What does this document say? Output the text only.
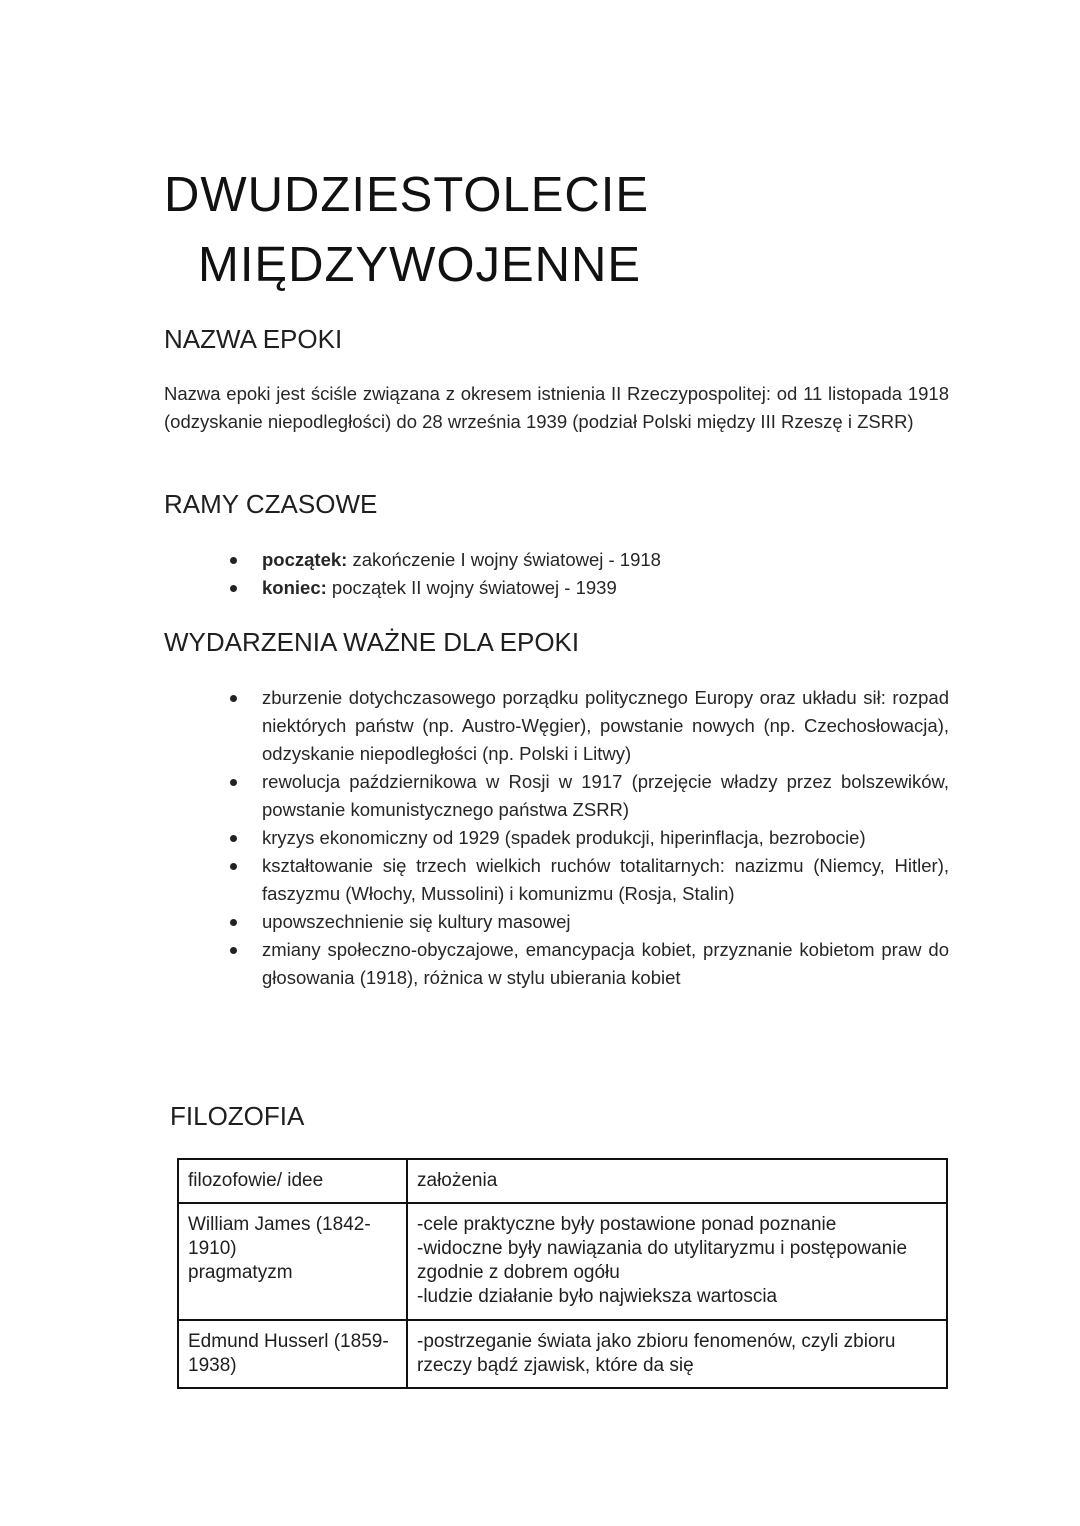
DWUDZIESTOLECIE
MIĘDZYWOJENNE
NAZWA EPOKI

Nazwa epoki jest ściśle związana z okresem istnienia II Rzeczypospolitej: od 11 listopada 1918 (odzyskanie niepodległości) do 28 września 1939 (podział Polski między III Rzeszę i ZSRR)

RAMY CZASOWE
początek: zakończenie I wojny światowej - 1918
koniec: początek II wojny światowej - 1939
WYDARZENIA WAŻNE DLA EPOKI
zburzenie dotychczasowego porządku politycznego Europy oraz układu sił: rozpad niektórych państw (np. Austro-Węgier), powstanie nowych (np. Czechosłowacja), odzyskanie niepodległości (np. Polski i Litwy)
rewolucja październikowa w Rosji w 1917 (przejęcie władzy przez bolszewików, powstanie komunistycznego państwa ZSRR)
kryzys ekonomiczny od 1929 (spadek produkcji, hiperinflacja, bezrobocie)
kształtowanie się trzech wielkich ruchów totalitarnych: nazizmu (Niemcy, Hitler), faszyzmu (Włochy, Mussolini) i komunizmu (Rosja, Stalin)
upowszechnienie się kultury masowej
zmiany społeczno-obyczajowe, emancypacja kobiet, przyznanie kobietom praw do głosowania (1918), różnica w stylu ubierania kobiet
FILOZOFIA
filozofowie/ idee	założenia

William James (1842-1910)
pragmatyzm	-cele praktyczne były postawione ponad poznanie
-widoczne były nawiązania do utylitaryzmu i postępowanie zgodnie z dobrem ogółu
-ludzie działanie było najwieksza wartoscia

Edmund Husserl (1859-1938)	-postrzeganie świata jako zbioru fenomenów, czyli zbioru rzeczy bądź zjawisk, które da się
